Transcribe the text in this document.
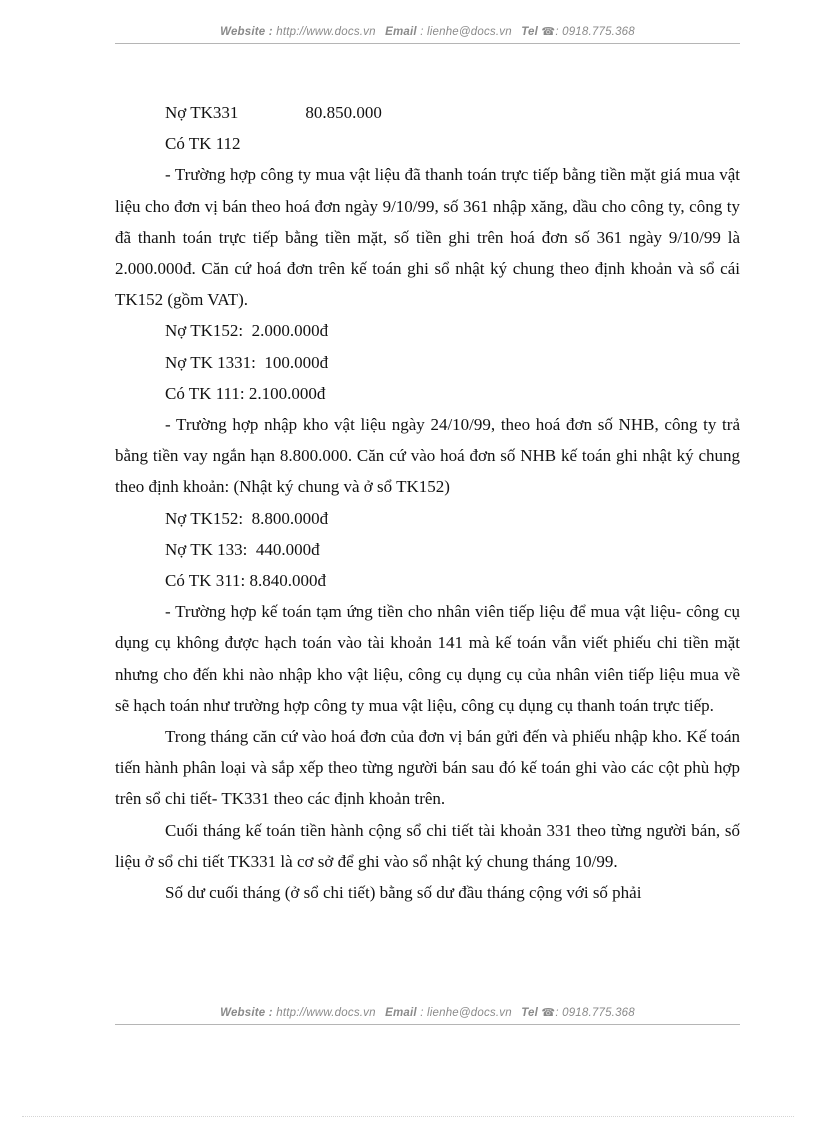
Website : http://www.docs.vn Email : lienhe@docs.vn Tel ☎: 0918.775.368

Nợ TK331	80.850.000

Có TK 112

- Trường hợp công ty mua vật liệu đã thanh toán trực tiếp bằng tiền mặt giá mua vật liệu cho đơn vị bán theo hoá đơn ngày 9/10/99, số 361 nhập xăng, dầu cho công ty, công ty đã thanh toán trực tiếp bằng tiền mặt, số tiền ghi trên hoá đơn số 361 ngày 9/10/99 là 2.000.000đ. Căn cứ hoá đơn trên kế toán ghi sổ nhật ký chung theo định khoản và sổ cái TK152 (gồm VAT).

Nợ TK152:  2.000.000đ

Nợ TK 1331:  100.000đ

Có TK 111: 2.100.000đ

- Trường hợp nhập kho vật liệu ngày 24/10/99, theo hoá đơn số NHB, công ty trả bằng tiền vay ngắn hạn 8.800.000. Căn cứ vào hoá đơn số NHB kế toán ghi nhật ký chung theo định khoản: (Nhật ký chung và ở sổ TK152)

Nợ TK152:  8.800.000đ

Nợ TK 133:  440.000đ

Có TK 311: 8.840.000đ

- Trường hợp kế toán tạm ứng tiền cho nhân viên tiếp liệu để mua vật liệu- công cụ dụng cụ không được hạch toán vào tài khoản 141 mà kế toán vẫn viết phiếu chi tiền mặt nhưng cho đến khi nào nhập kho vật liệu, công cụ dụng cụ của nhân viên tiếp liệu mua về sẽ hạch toán như trường hợp công ty mua vật liệu, công cụ dụng cụ thanh toán trực tiếp.

Trong tháng căn cứ vào hoá đơn của đơn vị bán gửi đến và phiếu nhập kho. Kế toán tiến hành phân loại và sắp xếp theo từng người bán sau đó kế toán ghi vào các cột phù hợp trên sổ chi tiết- TK331 theo các định khoản trên.

Cuối tháng kế toán tiền hành cộng sổ chi tiết tài khoản 331 theo từng người bán, số liệu ở sổ chi tiết TK331 là cơ sở để ghi vào sổ nhật ký chung tháng 10/99.

Số dư cuối tháng (ở sổ chi tiết) bằng số dư đầu tháng cộng với số phải

Website : http://www.docs.vn Email : lienhe@docs.vn Tel ☎: 0918.775.368
